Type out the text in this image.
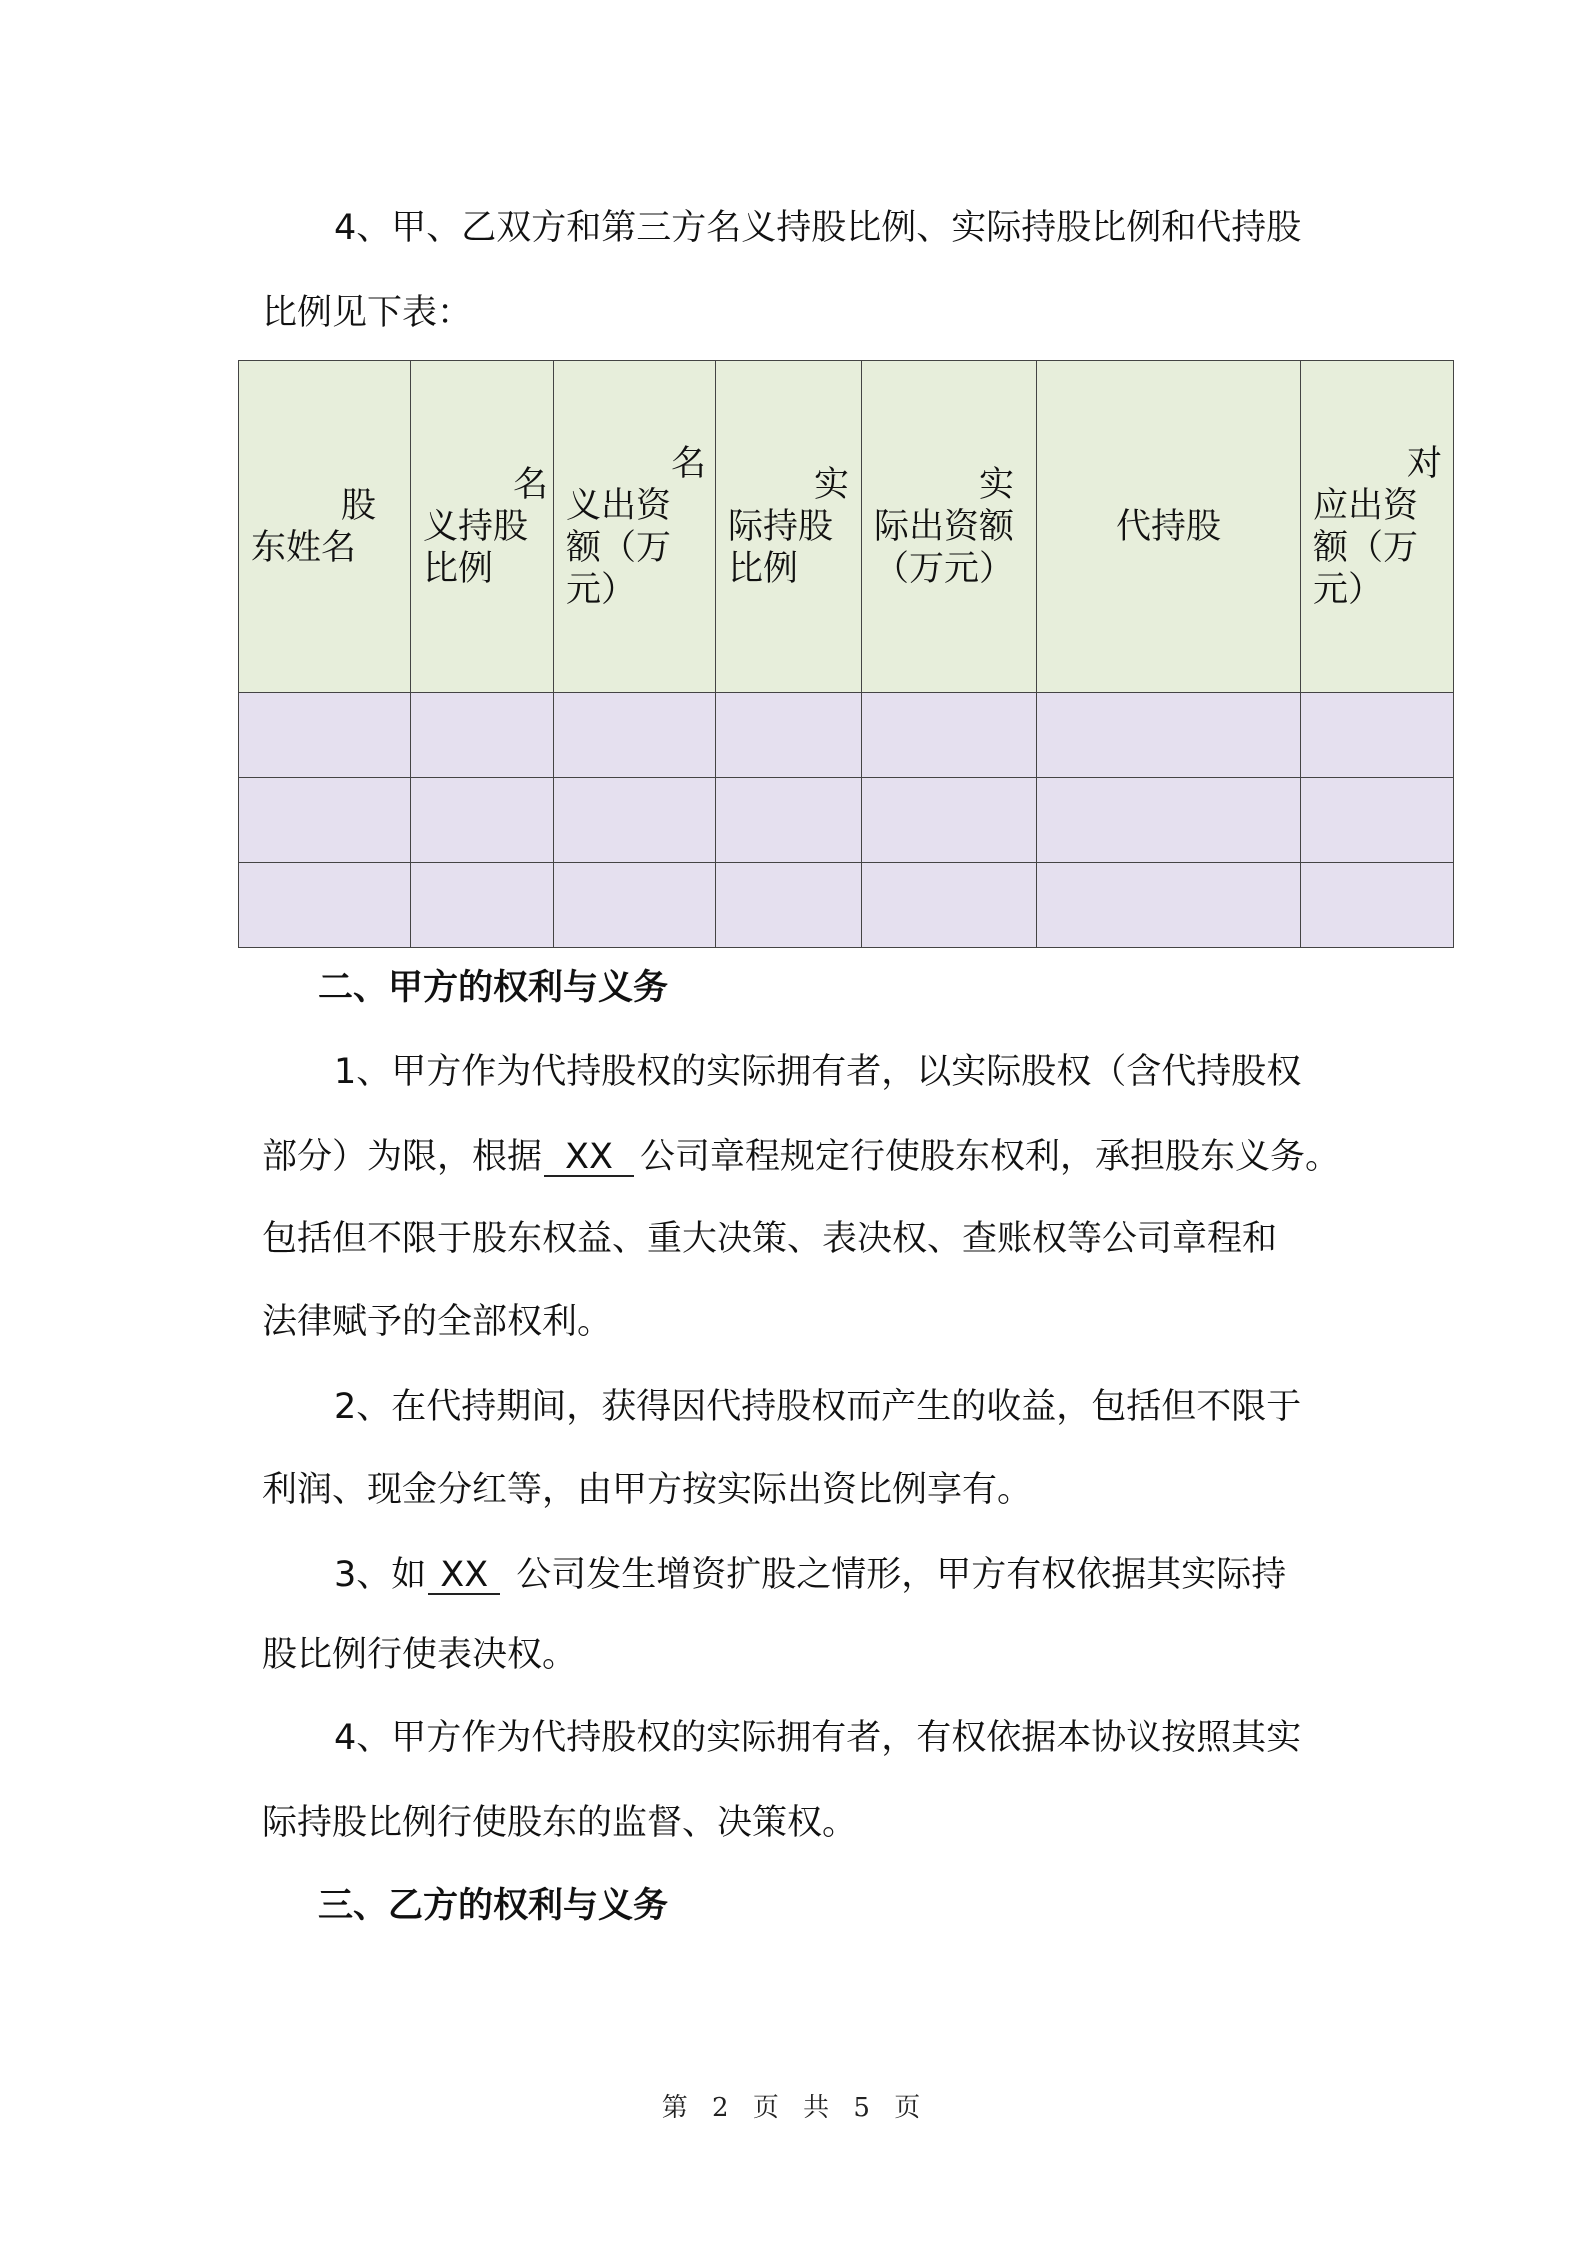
4、甲、乙双方和第三方名义持股比例、实际持股比例和代持股

比例见下表：

股东姓名	名义持股比例	名义出资额（万元）	实际持股比例	实际出资额（万元）	代持股	对应出资额（万元）

二、甲方的权利与义务

1、甲方作为代持股权的实际拥有者，以实际股权（含代持股权

部分）为限，根据 XX 公司章程规定行使股东权利，承担股东义务。

包括但不限于股东权益、重大决策、表决权、查账权等公司章程和

法律赋予的全部权利。

2、在代持期间，获得因代持股权而产生的收益，包括但不限于

利润、现金分红等，由甲方按实际出资比例享有。

3、如 XX 公司发生增资扩股之情形，甲方有权依据其实际持

股比例行使表决权。

4、甲方作为代持股权的实际拥有者，有权依据本协议按照其实

际持股比例行使股东的监督、决策权。

三、乙方的权利与义务

第 2 页 共 5 页
